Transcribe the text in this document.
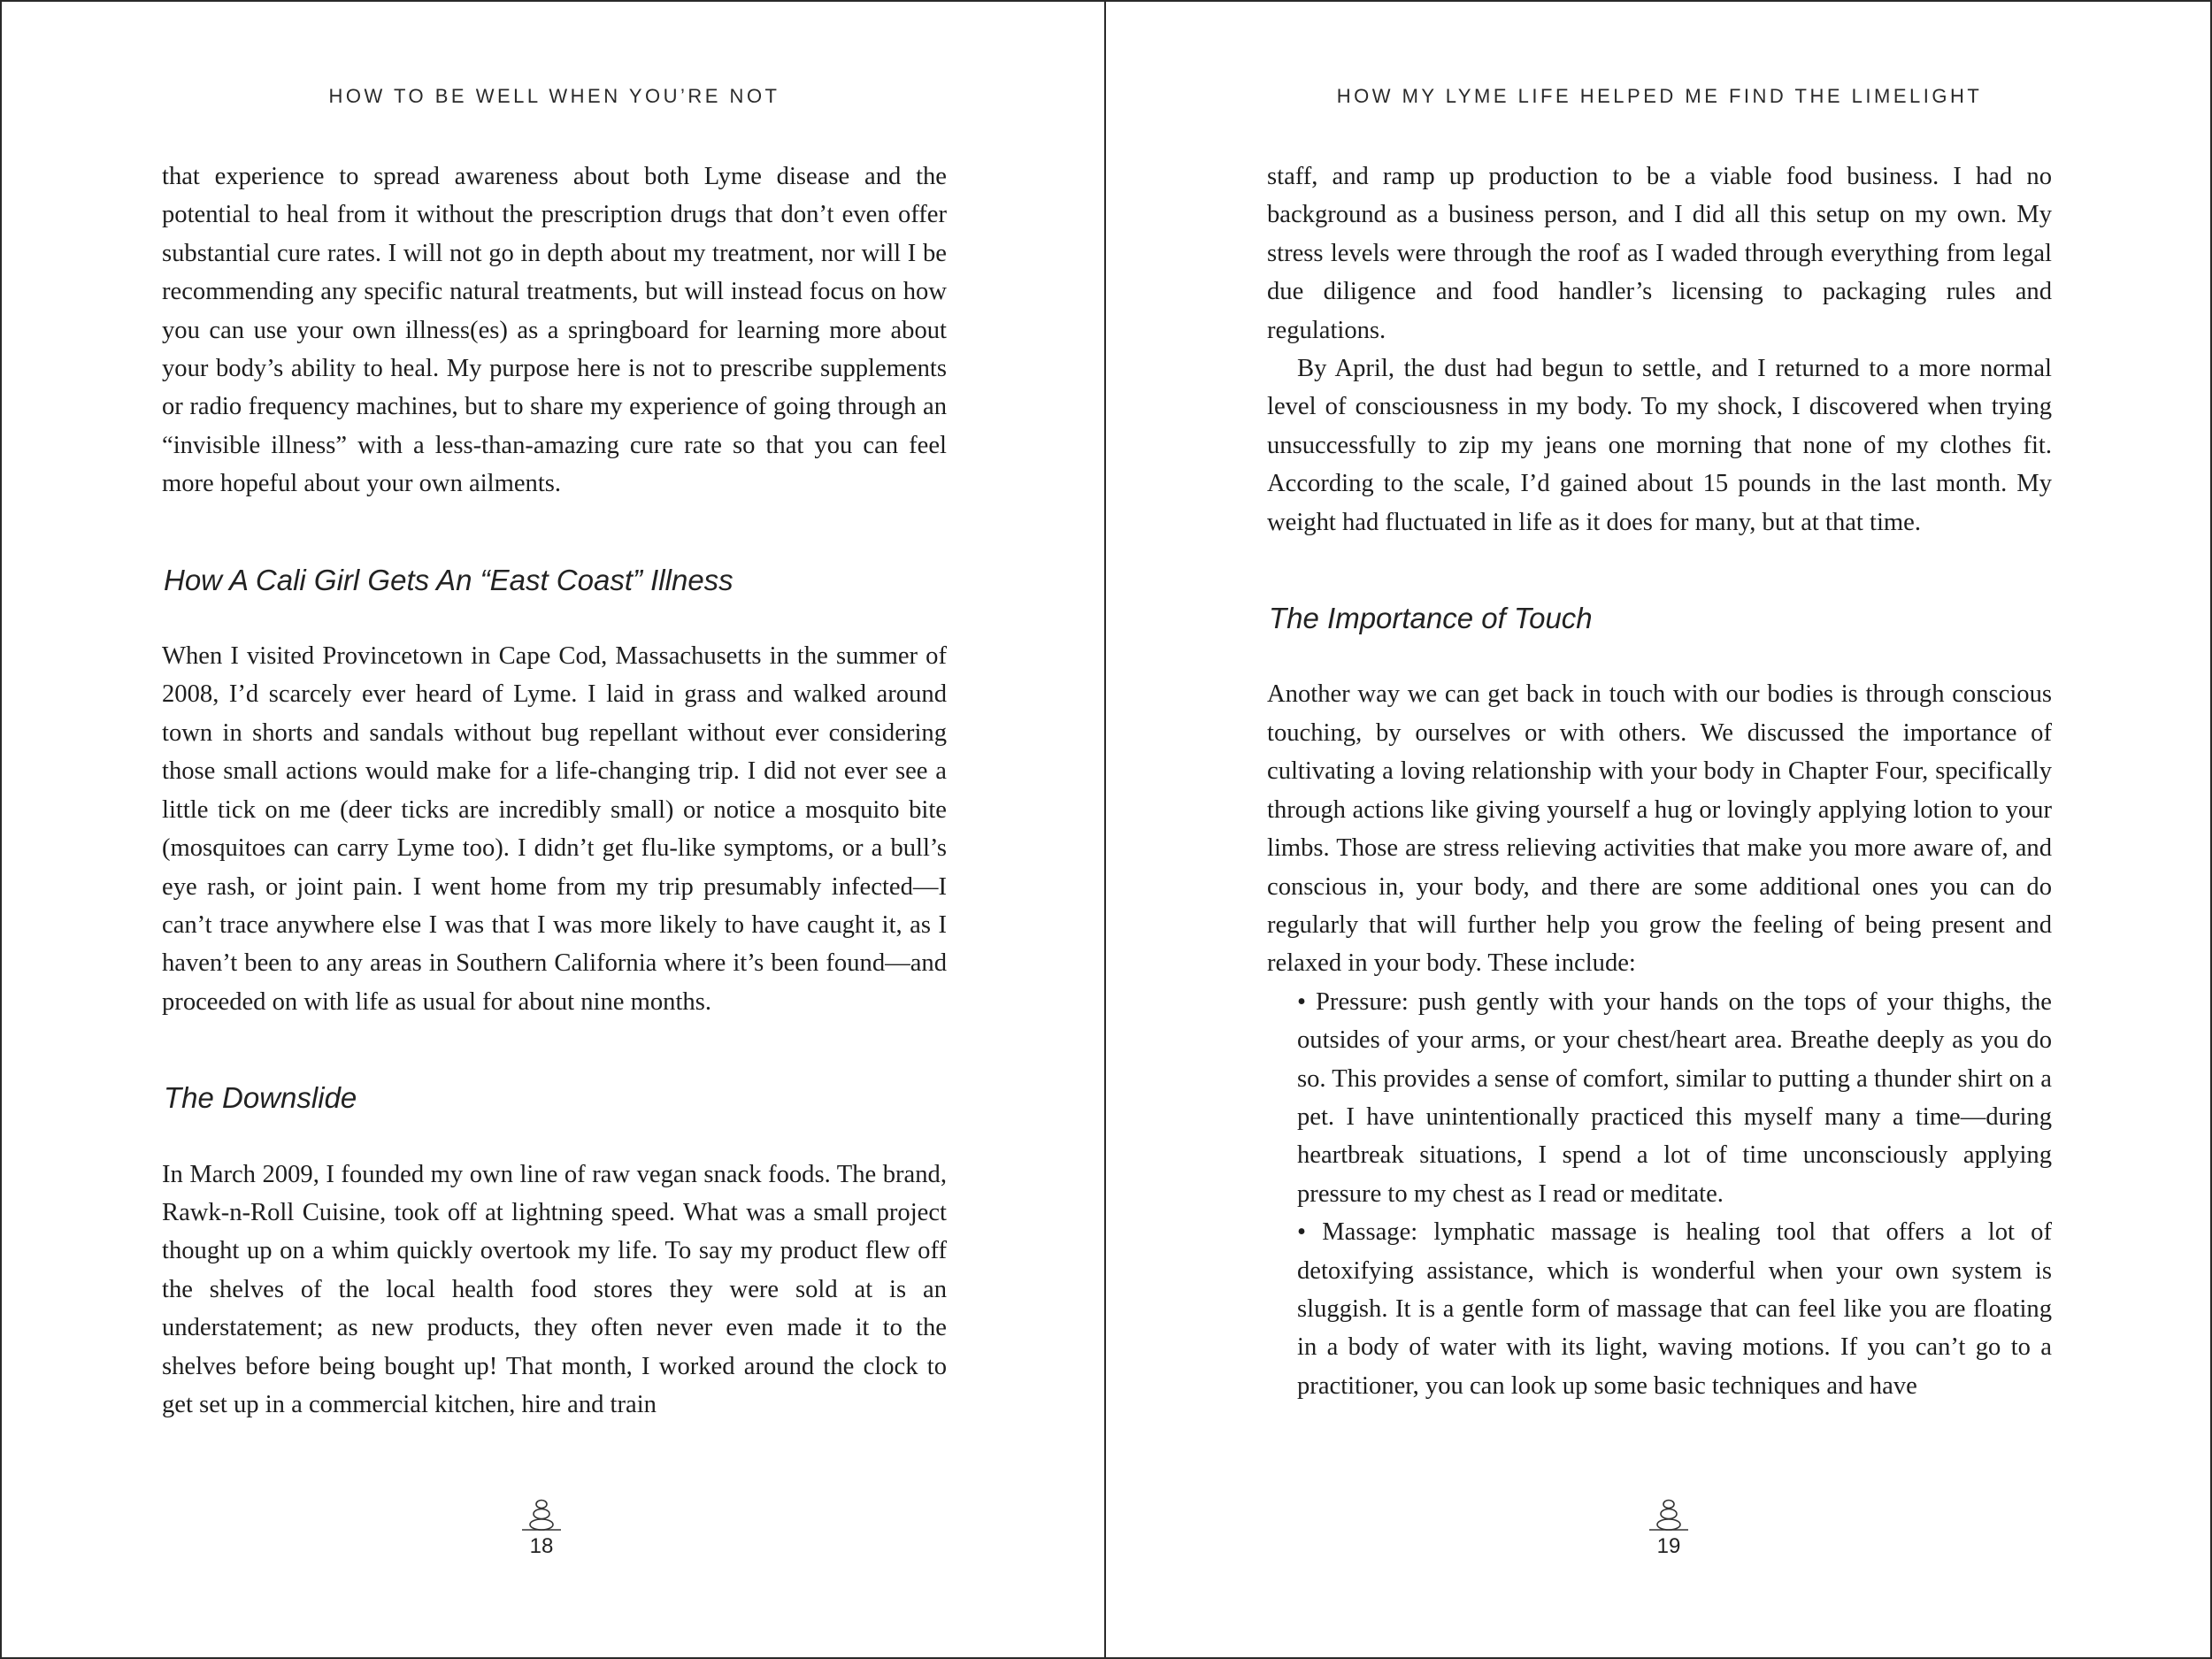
HOW TO BE WELL WHEN YOU’RE NOT

that experience to spread awareness about both Lyme disease and the potential to heal from it without the prescription drugs that don’t even offer substantial cure rates. I will not go in depth about my treatment, nor will I be recommending any specific natural treatments, but will instead focus on how you can use your own illness(es) as a springboard for learning more about your body’s ability to heal. My purpose here is not to prescribe supplements or radio frequency machines, but to share my experience of going through an “invisible illness” with a less-than-amazing cure rate so that you can feel more hopeful about your own ailments.

How A Cali Girl Gets An “East Coast” Illness

When I visited Provincetown in Cape Cod, Massachusetts in the summer of 2008, I’d scarcely ever heard of Lyme. I laid in grass and walked around town in shorts and sandals without bug repellant without ever considering those small actions would make for a life-changing trip. I did not ever see a little tick on me (deer ticks are incredibly small) or notice a mosquito bite (mosquitoes can carry Lyme too). I didn’t get flu-like symptoms, or a bull’s eye rash, or joint pain. I went home from my trip presumably infected—I can’t trace anywhere else I was that I was more likely to have caught it, as I haven’t been to any areas in Southern California where it’s been found—and proceeded on with life as usual for about nine months.

The Downslide

In March 2009, I founded my own line of raw vegan snack foods. The brand, Rawk-n-Roll Cuisine, took off at lightning speed. What was a small project thought up on a whim quickly overtook my life. To say my product flew off the shelves of the local health food stores they were sold at is an understatement; as new products, they often never even made it to the shelves before being bought up! That month, I worked around the clock to get set up in a commercial kitchen, hire and train

18
HOW MY LYME LIFE HELPED ME FIND THE LIMELIGHT

staff, and ramp up production to be a viable food business. I had no background as a business person, and I did all this setup on my own. My stress levels were through the roof as I waded through everything from legal due diligence and food handler’s licensing to packaging rules and regulations.

By April, the dust had begun to settle, and I returned to a more normal level of consciousness in my body. To my shock, I discovered when trying unsuccessfully to zip my jeans one morning that none of my clothes fit. According to the scale, I’d gained about 15 pounds in the last month. My weight had fluctuated in life as it does for many, but at that time.

The Importance of Touch

Another way we can get back in touch with our bodies is through conscious touching, by ourselves or with others. We discussed the importance of cultivating a loving relationship with your body in Chapter Four, specifically through actions like giving yourself a hug or lovingly applying lotion to your limbs. Those are stress relieving activities that make you more aware of, and conscious in, your body, and there are some additional ones you can do regularly that will further help you grow the feeling of being present and relaxed in your body. These include:

• Pressure: push gently with your hands on the tops of your thighs, the outsides of your arms, or your chest/heart area. Breathe deeply as you do so. This provides a sense of comfort, similar to putting a thunder shirt on a pet. I have unintentionally practiced this myself many a time—during heartbreak situations, I spend a lot of time unconsciously applying pressure to my chest as I read or meditate.

• Massage: lymphatic massage is healing tool that offers a lot of detoxifying assistance, which is wonderful when your own system is sluggish. It is a gentle form of massage that can feel like you are floating in a body of water with its light, waving motions. If you can’t go to a practitioner, you can look up some basic techniques and have

19
